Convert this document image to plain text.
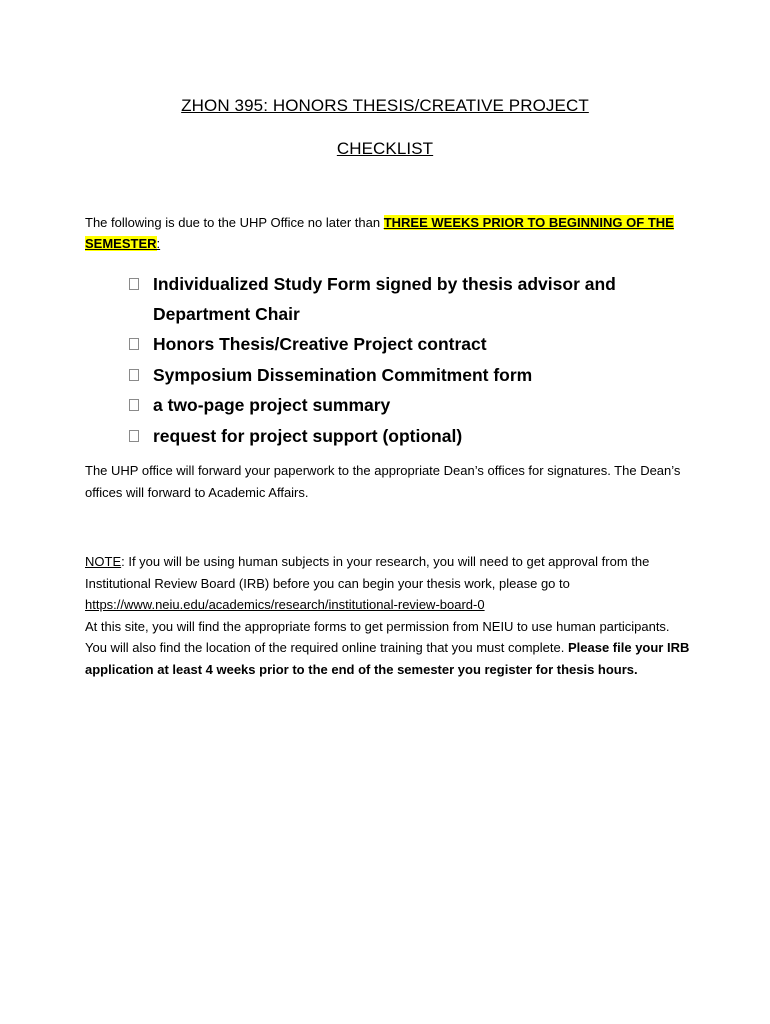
ZHON 395: HONORS THESIS/CREATIVE PROJECT
CHECKLIST
The following is due to the UHP Office no later than THREE WEEKS PRIOR TO BEGINNING OF THE SEMESTER:
Individualized Study Form signed by thesis advisor and Department Chair
Honors Thesis/Creative Project contract
Symposium Dissemination Commitment form
a two-page project summary
request for project support (optional)
The UHP office will forward your paperwork to the appropriate Dean’s offices for signatures. The Dean’s offices will forward to Academic Affairs.
NOTE: If you will be using human subjects in your research, you will need to get approval from the Institutional Review Board (IRB) before you can begin your thesis work, please go to
https://www.neiu.edu/academics/research/institutional-review-board-0
At this site, you will find the appropriate forms to get permission from NEIU to use human participants. You will also find the location of the required online training that you must complete. Please file your IRB application at least 4 weeks prior to the end of the semester you register for thesis hours.
